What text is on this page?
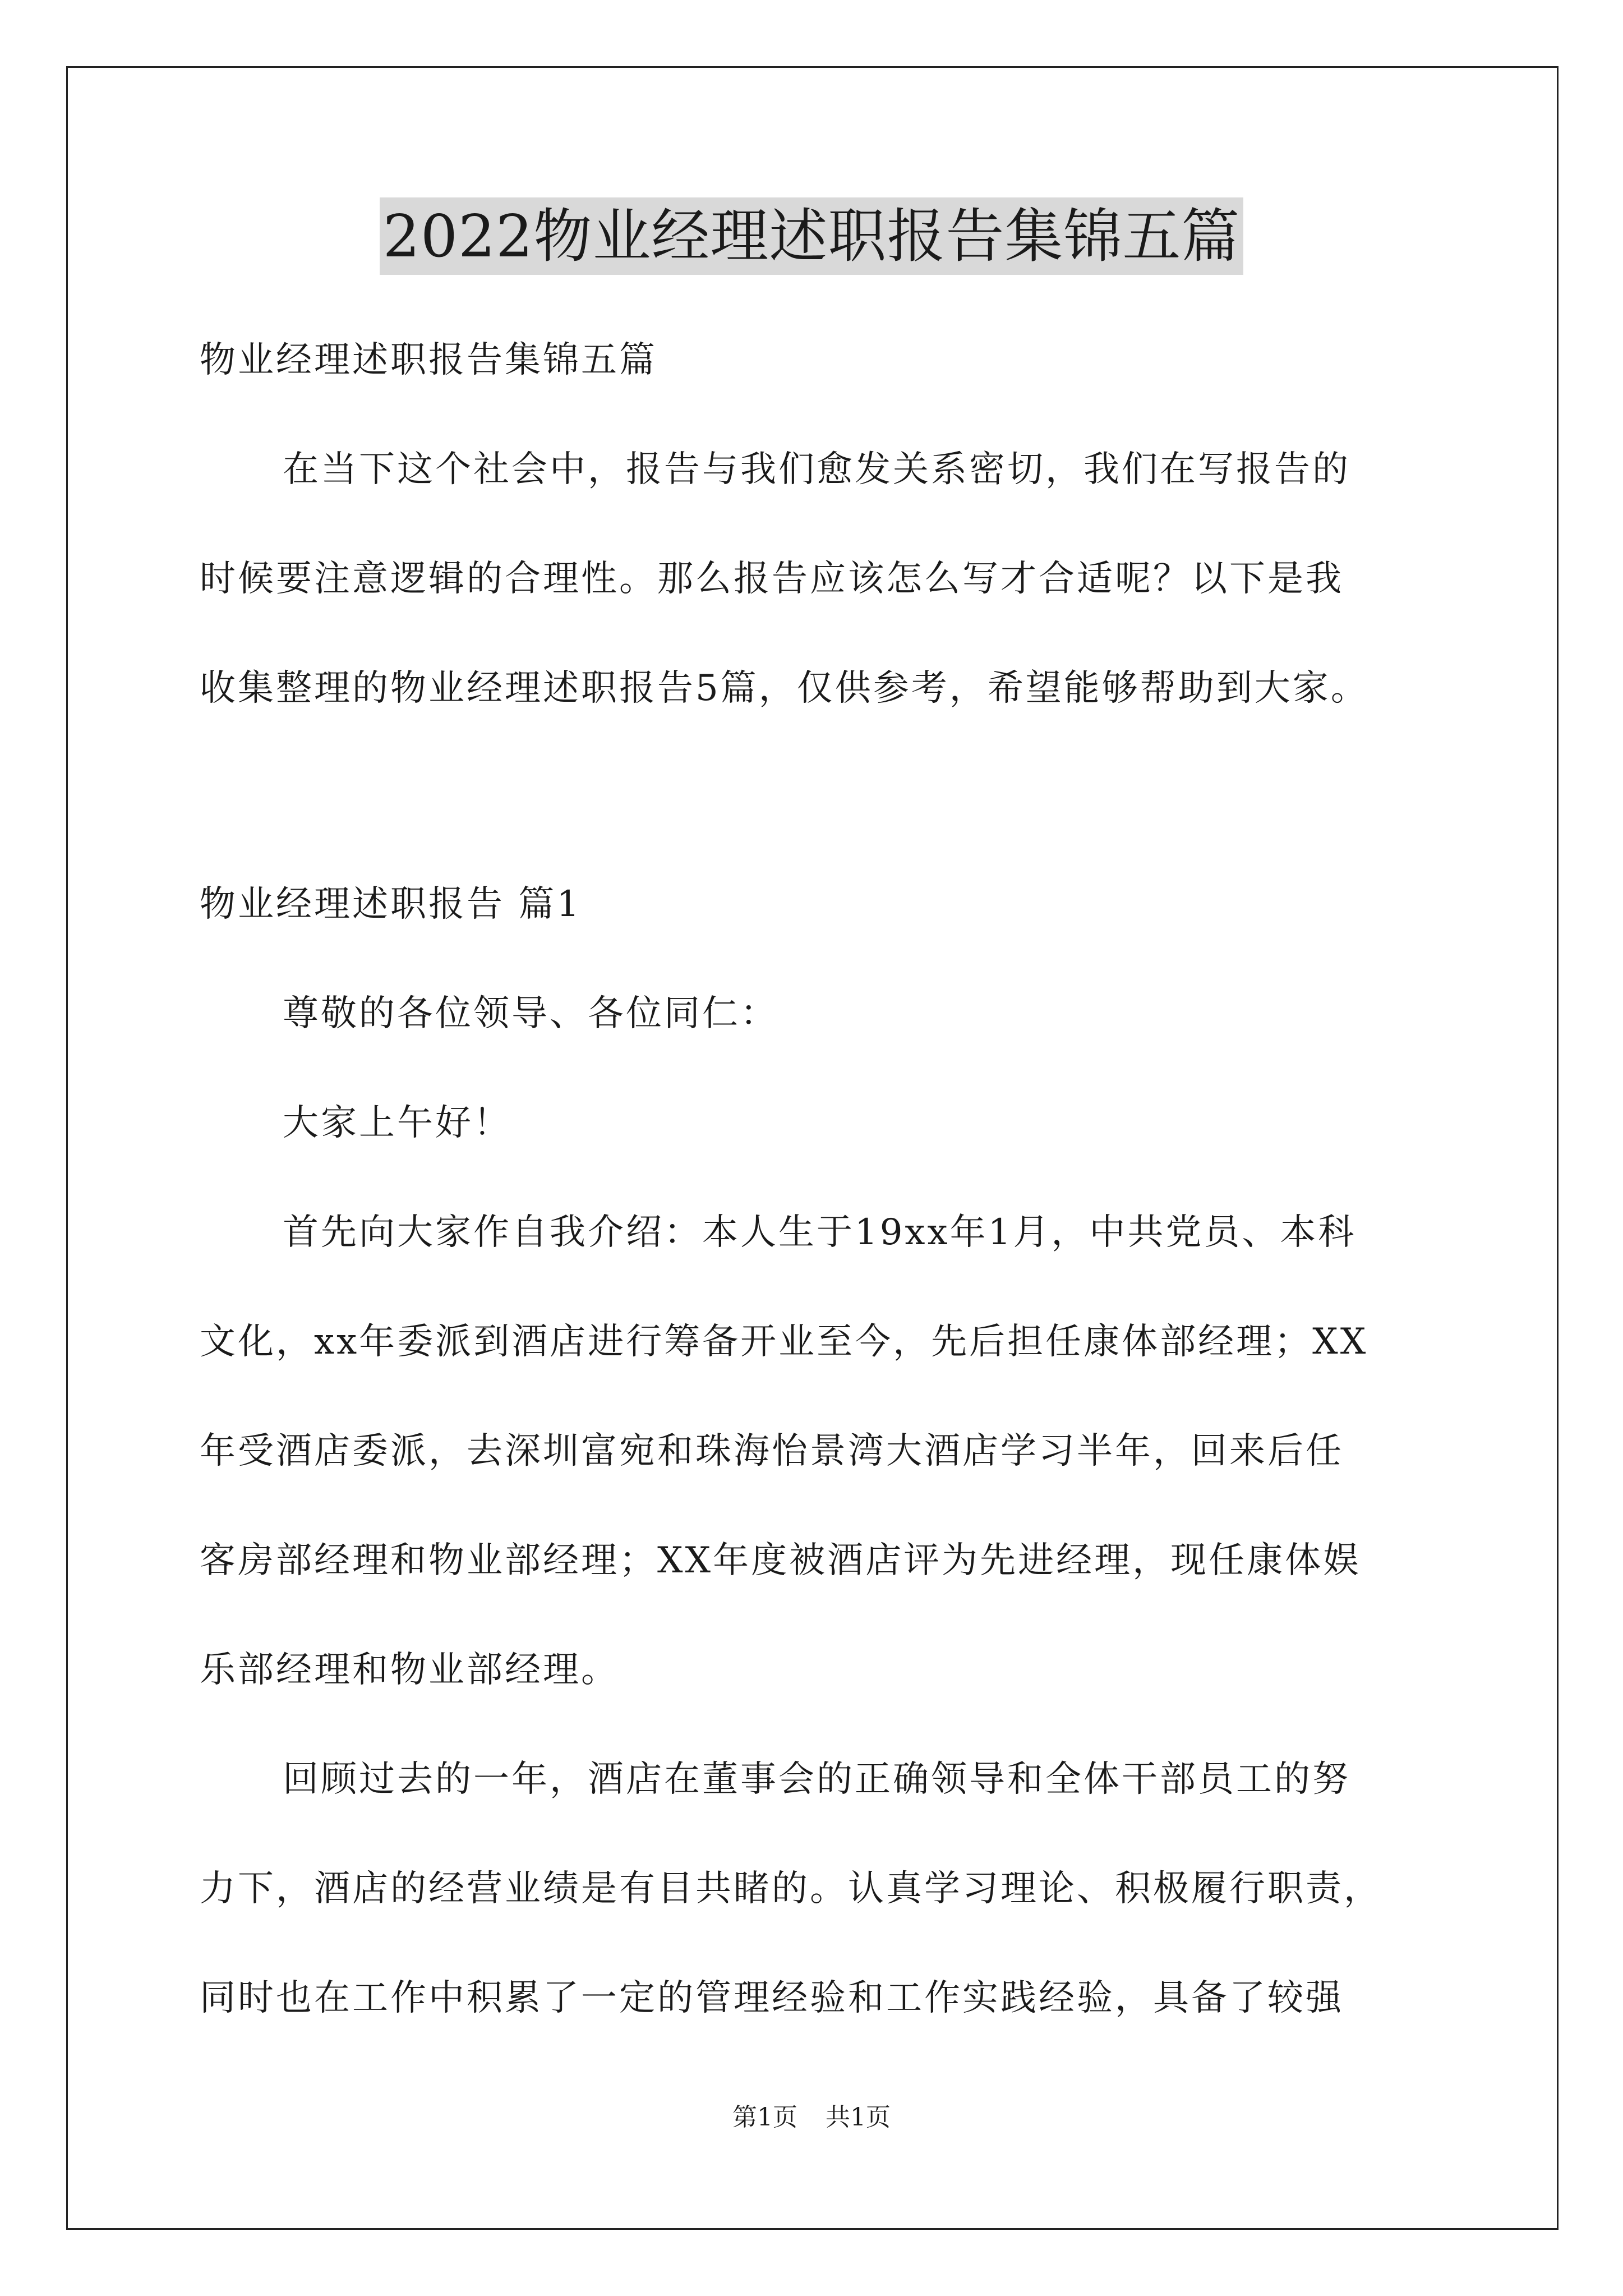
2022物业经理述职报告集锦五篇
物业经理述职报告集锦五篇
在当下这个社会中，报告与我们愈发关系密切，我们在写报告的
时候要注意逻辑的合理性。那么报告应该怎么写才合适呢？以下是我
收集整理的物业经理述职报告5篇，仅供参考，希望能够帮助到大家。
物业经理述职报告 篇1
尊敬的各位领导、各位同仁：
大家上午好！
首先向大家作自我介绍：本人生于19xx年1月，中共党员、本科
文化，xx年委派到酒店进行筹备开业至今，先后担任康体部经理；XX
年受酒店委派，去深圳富宛和珠海怡景湾大酒店学习半年，回来后任
客房部经理和物业部经理；XX年度被酒店评为先进经理，现任康体娱
乐部经理和物业部经理。
回顾过去的一年，酒店在董事会的正确领导和全体干部员工的努
力下，酒店的经营业绩是有目共睹的。认真学习理论、积极履行职责，
同时也在工作中积累了一定的管理经验和工作实践经验，具备了较强
第1页 共1页
